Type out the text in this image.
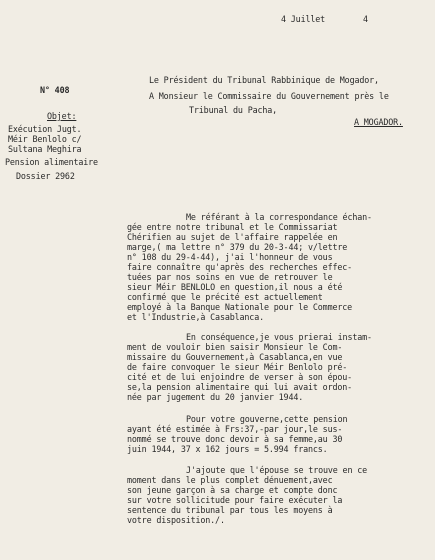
4 Juillet	4
Le Président du Tribunal Rabbinique de Mogador,
A Monsieur le Commissaire du Gouvernement près le
Tribunal du Pacha,
A MOGADOR.
N° 408
Objet:
Exécution Jugt.
Méir Benlolo c/
Sultana Meghira
Pension alimentaire
Dossier 2962
Me référant à la correspondance échan-
gée entre notre tribunal et le Commissariat
Chérifien au sujet de l'affaire rappelée en
marge,( ma lettre n° 379 du 20-3-44; v/lettre
n° 108 du 29-4-44), j'ai l'honneur de vous
faire connaître qu'après des recherches effec-
tuées par nos soins en vue de retrouver le
sieur Méir BENLOLO en question,il nous a été
confirmé que le précité est actuellement
employé à la Banque Nationale pour le Commerce
et l'Industrie,à Casablanca.
En conséquence,je vous prierai instam-
ment de vouloir bien saisir Monsieur le Com-
missaire du Gouvernement,à Casablanca,en vue
de faire convoquer le sieur Méir Benlolo pré-
cité et de lui enjoindre de verser à son épou-
se,la pension alimentaire qui lui avait ordon-
née par jugement du 20 janvier 1944.
Pour votre gouverne,cette pension
ayant été estimée à Frs:37,-par jour,le sus-
nommé se trouve donc devoir à sa femme,au 30
juin 1944, 37 x 162 jours = 5.994 francs.
J'ajoute que l'épouse se trouve en ce
moment dans le plus complet dénuement,avec
son jeune garçon à sa charge et compte donc
sur votre sollicitude pour faire exécuter la
sentence du tribunal par tous les moyens à
votre disposition./.
